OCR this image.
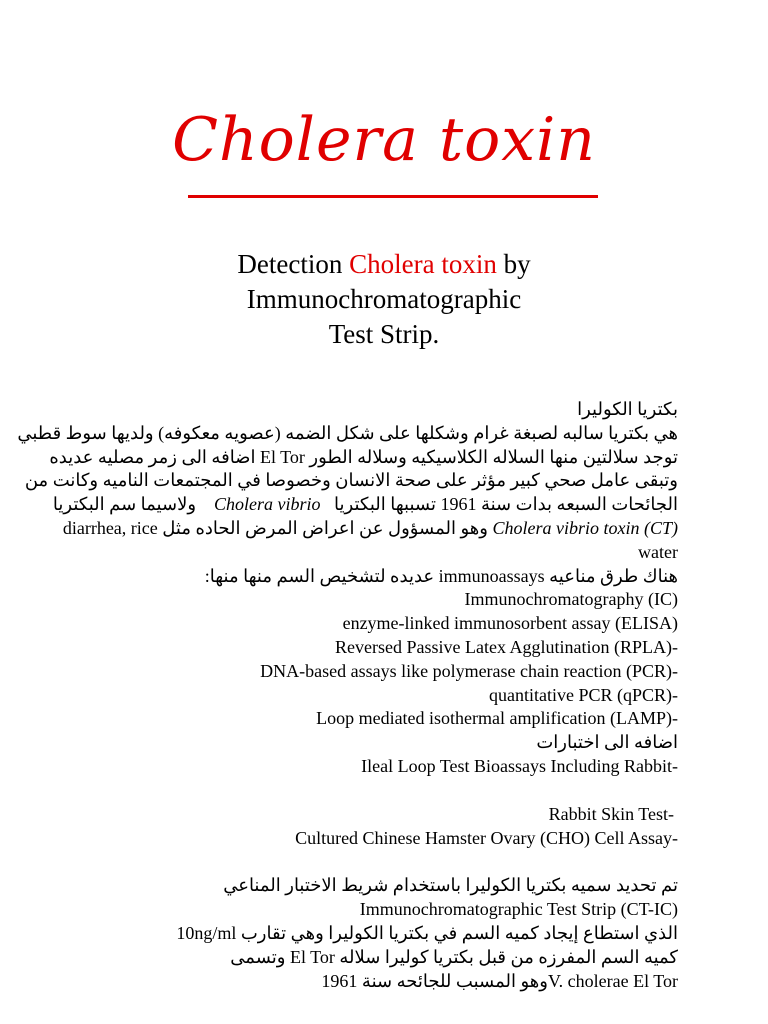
Cholera toxin
Detection Cholera toxin by
Immunochromatographic
Test Strip.
بكتريا الكوليرا
هي بكتريا سالبه لصبغة غرام وشكلها على شكل الضمه (عصويه معكوفه) ولديها سوط قطبي
توجد سلالتين منها السلاله الكلاسيكيه وسلاله الطور El Tor اضافه الى زمر مصليه عديده
وتبقى عامل صحي كبير مؤثر على صحة الانسان وخصوصا في المجتمعات الناميه وكانت من
الجائحات السبعه بدات سنة 1961 تسببها البكتريا   Cholera vibrio    ولاسيما سم البكتريا
Cholera vibrio toxin (CT) وهو المسؤول عن اعراض المرض الحاده مثل diarrhea, rice
water
هناك طرق مناعيه immunoassays عديده لتشخيص السم منها منها:
Immunochromatography (IC)
enzyme-linked immunosorbent assay (ELISA)
Reversed Passive Latex Agglutination (RPLA)-
DNA-based assays like polymerase chain reaction (PCR)-
quantitative PCR (qPCR)-
Loop mediated isothermal amplification (LAMP)-
اضافه الى اختبارات
Ileal Loop Test Bioassays Including Rabbit-
Rabbit Skin Test-
Cultured Chinese Hamster Ovary (CHO) Cell Assay-
تم تحديد سميه بكتريا الكوليرا باستخدام شريط الاختبار المناعي
Immunochromatographic Test Strip (CT-IC)
الذي استطاع إيجاد كميه السم في بكتريا الكوليرا وهي تقارب 10ng/ml
كميه السم المفرزه من قبل بكتريا كوليرا سلاله El Tor وتسمى
V. cholerae El Torوهو المسبب للجائحه سنة 1961
